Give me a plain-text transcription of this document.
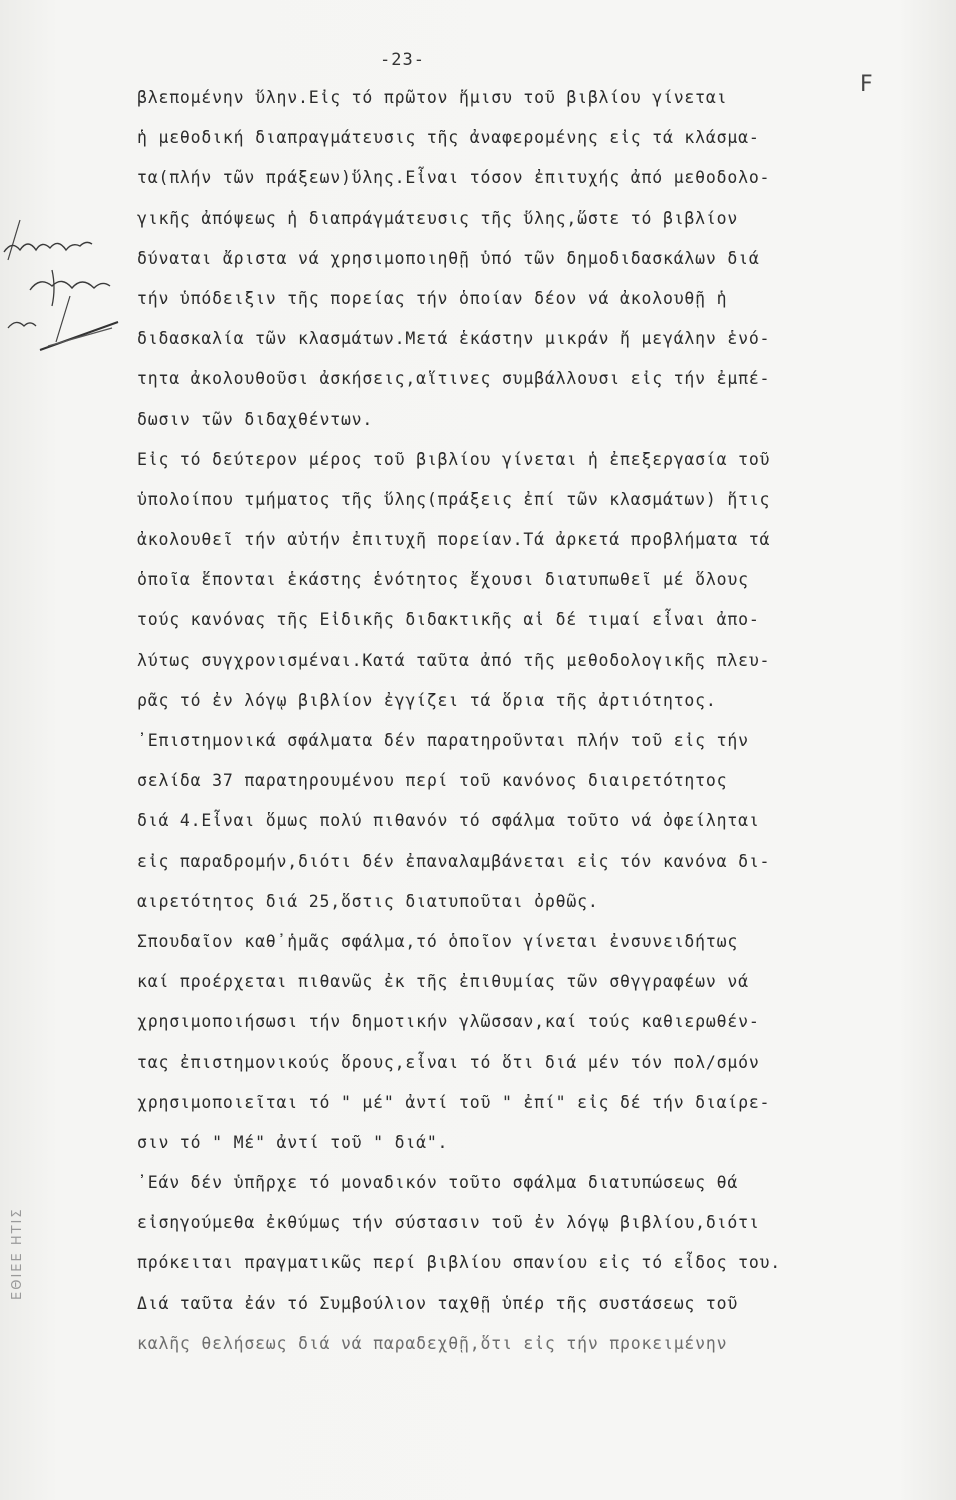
-23-
F
βλεπομένην ὕλην.Εἰς τό πρῶτον ἥμισυ τοῦ βιβλίου γίνεται
ἡ μεθοδική διαπραγμάτευσις τῆς ἀναφερομένης εἰς τά κλάσμα-
τα(πλήν τῶν πράξεων)ὕλης.Εἶναι τόσον ἐπιτυχής ἀπό μεθοδολο-
γικῆς ἀπόψεως ἡ διαπράγμάτευσις τῆς ὕλης,ὥστε τό βιβλίον
δύναται ἄριστα νά χρησιμοποιηθῇ ὑπό τῶν δημοδιδασκάλων διά
τήν ὑπόδειξιν τῆς πορείας τήν ὁποίαν δέον νά ἀκολουθῇ ἡ
διδασκαλία τῶν κλασμάτων.Μετά ἑκάστην μικράν ἤ μεγάλην ἑνό-
τητα ἀκολουθοῦσι ἀσκήσεις,αἵτινες συμβάλλουσι εἰς τήν ἐμπέ-
δωσιν τῶν διδαχθέντων.
Εἰς τό δεύτερον μέρος τοῦ βιβλίου γίνεται ἡ ἐπεξεργασία τοῦ
ὑπολοίπου τμήματος τῆς ὕλης(πράξεις ἐπί τῶν κλασμάτων) ἥτις
ἀκολουθεῖ τήν αὐτήν ἐπιτυχῆ πορείαν.Τά ἀρκετά προβλήματα τά
ὁποῖα ἕπονται ἑκάστης ἑνότητος ἔχουσι διατυπωθεῖ μέ ὅλους
τούς κανόνας τῆς Εἰδικῆς διδακτικῆς αἱ δέ τιμαί εἶναι ἀπο-
λύτως συγχρονισμέναι.Κατά ταῦτα ἀπό τῆς μεθοδολογικῆς πλευ-
ρᾶς τό ἐν λόγῳ βιβλίον ἐγγίζει τά ὅρια τῆς ἀρτιότητος.
᾿Επιστημονικά σφάλματα δέν παρατηροῦνται πλήν τοῦ εἰς τήν
σελίδα 37 παρατηρουμένου περί τοῦ κανόνος διαιρετότητος
διά 4.Εἶναι ὅμως πολύ πιθανόν τό σφάλμα τοῦτο νά ὀφείληται
εἰς παραδρομήν,διότι δέν ἐπαναλαμβάνεται εἰς τόν κανόνα δι-
αιρετότητος διά 25,ὅστις διατυποῦται ὀρθῶς.
Σπουδαῖον καθ᾿ἡμᾶς σφάλμα,τό ὁποῖον γίνεται ἐνσυνειδήτως
καί προέρχεται πιθανῶς ἐκ τῆς ἐπιθυμίας τῶν σθγγραφέων νά
χρησιμοποιήσωσι τήν δημοτικήν γλῶσσαν,καί τούς καθιερωθέν-
τας ἐπιστημονικούς ὅρους,εἶναι τό ὅτι διά μέν τόν πολ/σμόν
χρησιμοποιεῖται τό " μέ" ἀντί τοῦ " ἐπί" εἰς δέ τήν διαίρε-
σιν τό " Μέ" ἀντί τοῦ " διά".
᾿Εάν δέν ὑπῆρχε τό μοναδικόν τοῦτο σφάλμα διατυπώσεως θά
εἰσηγούμεθα ἐκθύμως τήν σύστασιν τοῦ ἐν λόγῳ βιβλίου,διότι
πρόκειται πραγματικῶς περί βιβλίου σπανίου εἰς τό εἶδος του.
Διά ταῦτα ἐάν τό Συμβούλιον ταχθῇ ὑπέρ τῆς συστάσεως τοῦ
καλῆς θελήσεως διά νά παραδεχθῇ,ὅτι εἰς τήν προκειμένην
ΕΘΙΕΕ ΗΤΙΣ
